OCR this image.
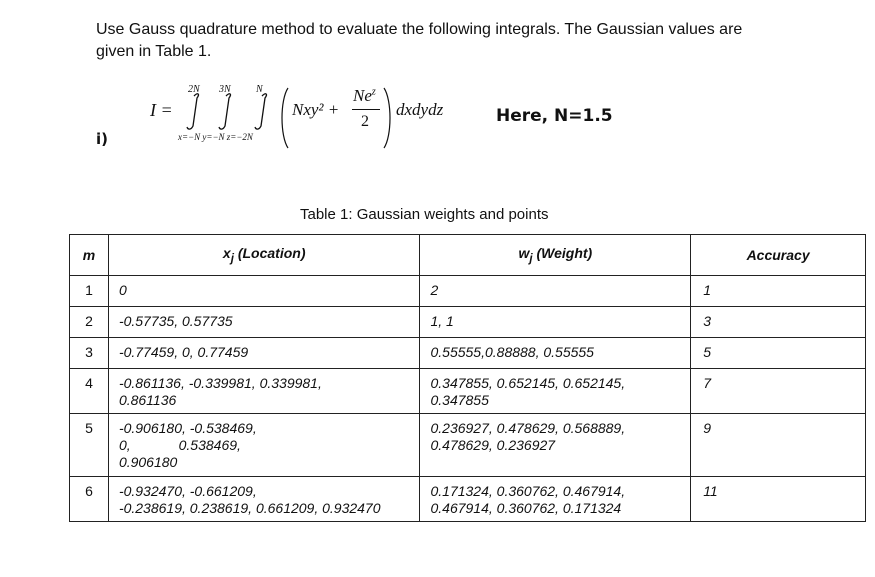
Use Gauss quadrature method to evaluate the following integrals. The Gaussian values are
given in Table 1.
i)
I =
2N 3N	N
x=−N y=−N z=−2N
Nxy² +
$Ne^z$
2
dxdydz	Here, N=1.5
Table 1: Gaussian weights and points
m	$x_j$ (Location)	$w_j$ (Weight)	Accuracy
1	0	2	1

2	-0.57735, 0.57735	1, 1	3

3	-0.77459, 0, 0.77459	0.55555,0.88888, 0.55555	5

4	-0.861136, -0.339981, 0.339981,
0.861136	0.347855, 0.652145, 0.652145,
0.347855	7

5	-0.906180, -0.538469,
0, 0.538469,
0.906180	0.236927, 0.478629, 0.568889,
0.478629, 0.236927	9

6	-0.932470, -0.661209,
-0.238619, 0.238619, 0.661209, 0.932470	0.171324, 0.360762, 0.467914,
0.467914, 0.360762, 0.171324	11
